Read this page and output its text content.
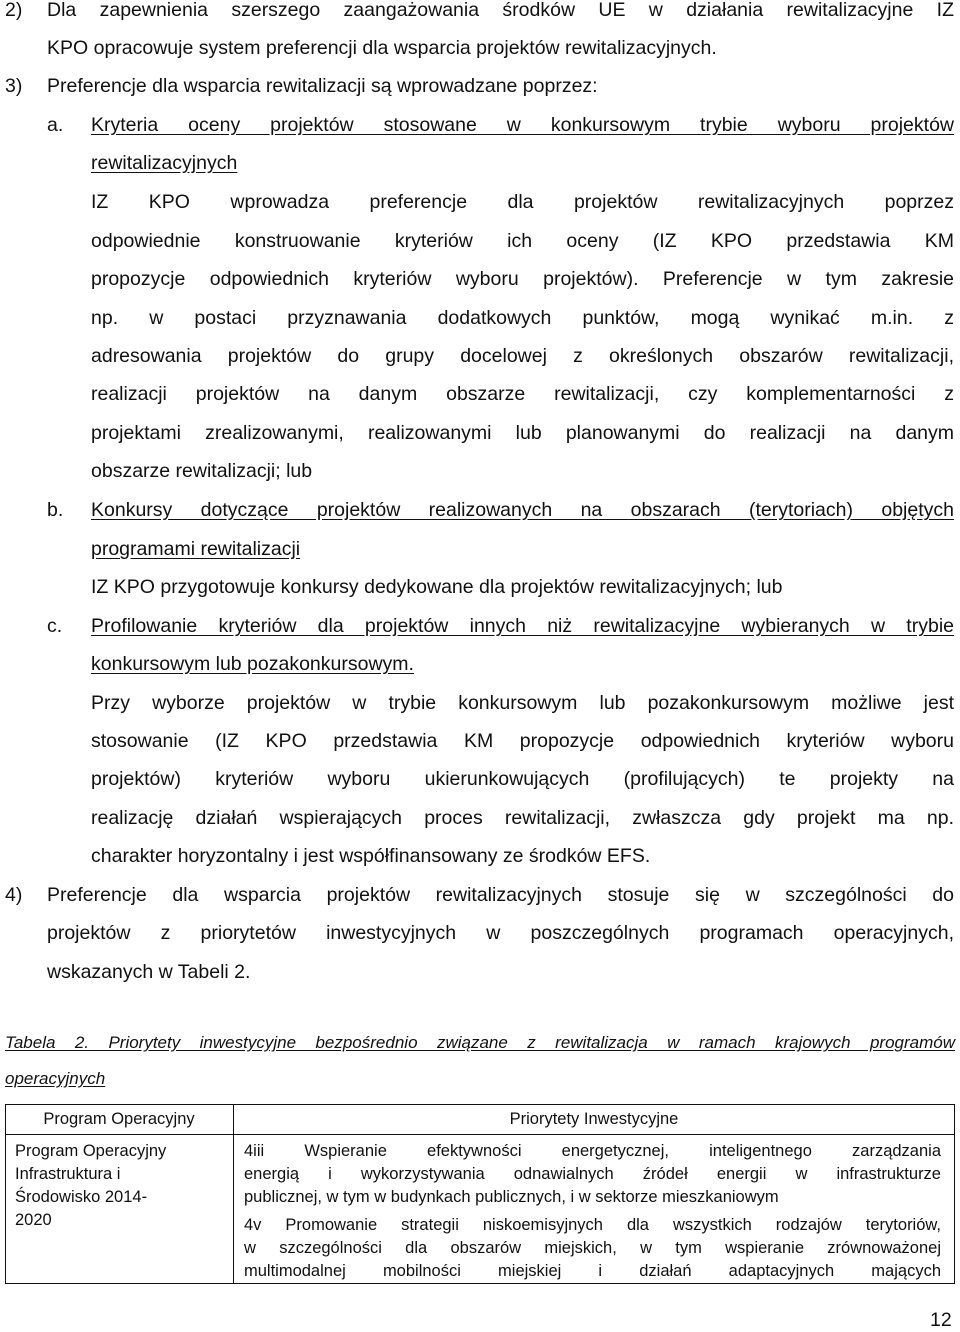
2) Dla zapewnienia szerszego zaangażowania środków UE w działania rewitalizacyjne IZ
KPO opracowuje system preferencji dla wsparcia projektów rewitalizacyjnych.
3) Preferencje dla wsparcia rewitalizacji są wprowadzane poprzez:
a. Kryteria oceny projektów stosowane w konkursowym trybie wyboru projektów
rewitalizacyjnych
IZ KPO wprowadza preferencje dla projektów rewitalizacyjnych poprzez
odpowiednie konstruowanie kryteriów ich oceny (IZ KPO przedstawia KM
propozycje odpowiednich kryteriów wyboru projektów). Preferencje w tym zakresie
np. w postaci przyznawania dodatkowych punktów, mogą wynikać m.in. z
adresowania projektów do grupy docelowej z określonych obszarów rewitalizacji,
realizacji projektów na danym obszarze rewitalizacji, czy komplementarności z
projektami zrealizowanymi, realizowanymi lub planowanymi do realizacji na danym
obszarze rewitalizacji; lub
b. Konkursy dotyczące projektów realizowanych na obszarach (terytoriach) objętych
programami rewitalizacji
IZ KPO przygotowuje konkursy dedykowane dla projektów rewitalizacyjnych; lub
c. Profilowanie kryteriów dla projektów innych niż rewitalizacyjne wybieranych w trybie
konkursowym lub pozakonkursowym.
Przy wyborze projektów w trybie konkursowym lub pozakonkursowym możliwe jest
stosowanie (IZ KPO przedstawia KM propozycje odpowiednich kryteriów wyboru
projektów) kryteriów wyboru ukierunkowujących (profilujących) te projekty na
realizację działań wspierających proces rewitalizacji, zwłaszcza gdy projekt ma np.
charakter horyzontalny i jest współfinansowany ze środków EFS.
4) Preferencje dla wsparcia projektów rewitalizacyjnych stosuje się w szczególności do
projektów z priorytetów inwestycyjnych w poszczególnych programach operacyjnych,
wskazanych w Tabeli 2.
Tabela 2. Priorytety inwestycyjne bezpośrednio związane z rewitalizacja w ramach krajowych programów
operacyjnych
Program Operacyjny	Priorytety Inwestycyjne
Program Operacyjny
Infrastruktura i
Środowisko 2014-
2020
4iii Wspieranie efektywności energetycznej, inteligentnego zarządzania
energią i wykorzystywania odnawialnych źródeł energii w infrastrukturze
publicznej, w tym w budynkach publicznych, i w sektorze mieszkaniowym
4v Promowanie strategii niskoemisyjnych dla wszystkich rodzajów terytoriów,
w szczególności dla obszarów miejskich, w tym wspieranie zrównoważonej
multimodalnej mobilności miejskiej i działań adaptacyjnych mających
12
